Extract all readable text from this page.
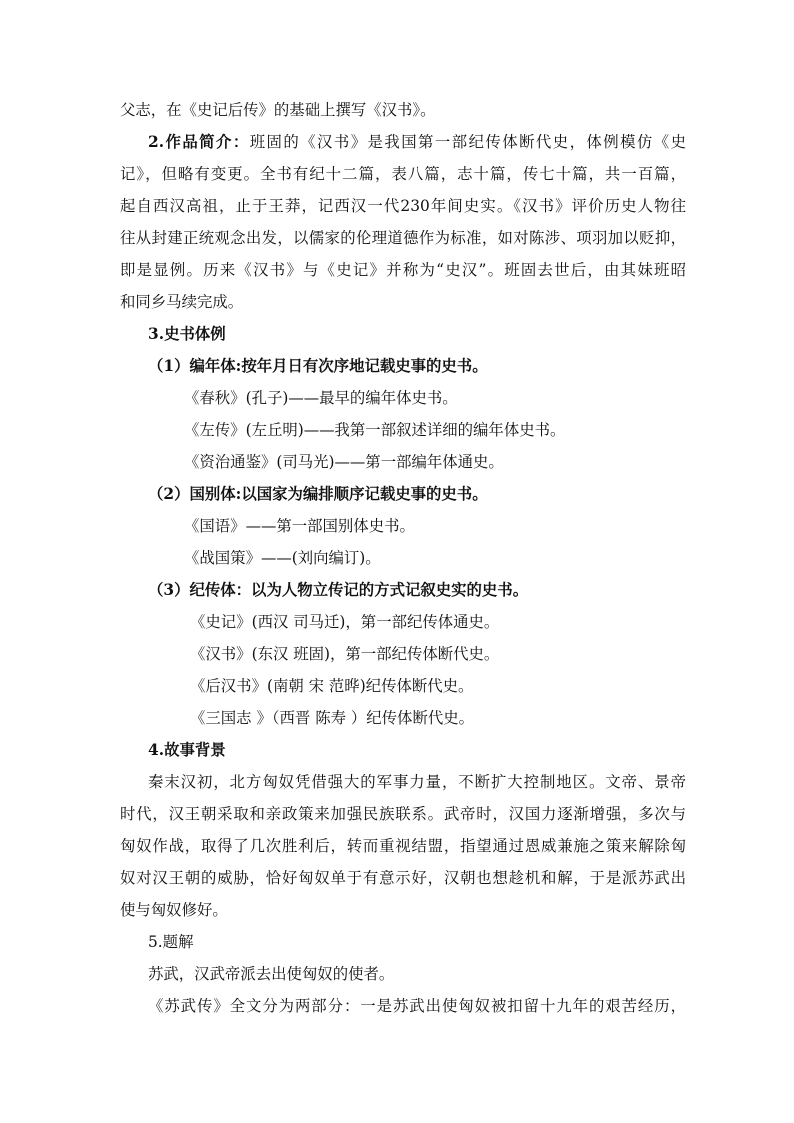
父志，在《史记后传》的基础上撰写《汉书》。
2.作品简介：班固的《汉书》是我国第一部纪传体断代史，体例模仿《史
记》，但略有变更。全书有纪十二篇，表八篇，志十篇，传七十篇，共一百篇，
起自西汉高祖，止于王莽，记西汉一代230年间史实。《汉书》评价历史人物往
往从封建正统观念出发，以儒家的伦理道德作为标准，如对陈涉、项羽加以贬抑，
即是显例。历来《汉书》与《史记》并称为“史汉”。班固去世后，由其妹班昭
和同乡马续完成。
3.史书体例
（1）编年体:按年月日有次序地记载史事的史书。
《春秋》(孔子)——最早的编年体史书。
《左传》(左丘明)——我第一部叙述详细的编年体史书。
《资治通鉴》(司马光)——第一部编年体通史。
（2）国别体:以国家为编排顺序记载史事的史书。
《国语》——第一部国别体史书。
《战国策》——(刘向编订)。
（3）纪传体：以为人物立传记的方式记叙史实的史书。
《史记》(西汉 司马迁)，第一部纪传体通史。
《汉书》(东汉 班固)，第一部纪传体断代史。
《后汉书》(南朝 宋 范晔)纪传体断代史。
《三国志 》（西晋 陈寿 ）纪传体断代史。
4.故事背景
秦末汉初，北方匈奴凭借强大的军事力量，不断扩大控制地区。文帝、景帝
时代，汉王朝采取和亲政策来加强民族联系。武帝时，汉国力逐渐增强，多次与
匈奴作战，取得了几次胜利后，转而重视结盟，指望通过恩威兼施之策来解除匈
奴对汉王朝的威胁，恰好匈奴单于有意示好，汉朝也想趁机和解，于是派苏武出
使与匈奴修好。
5.题解
苏武，汉武帝派去出使匈奴的使者。
《苏武传》全文分为两部分：一是苏武出使匈奴被扣留十九年的艰苦经历，
